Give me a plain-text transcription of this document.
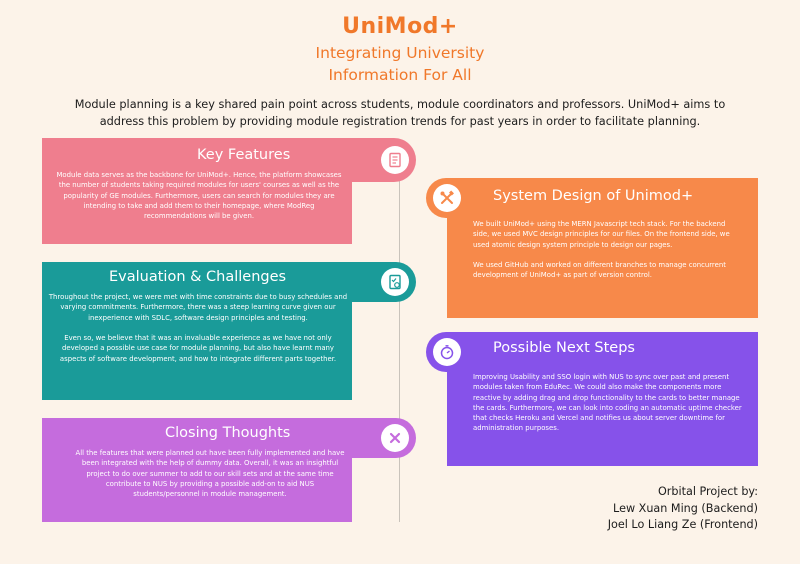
UniMod+
Integrating University
Information For All
Module planning is a key shared pain point across students, module coordinators and professors. UniMod+ aims to
address this problem by providing module registration trends for past years in order to facilitate planning.
Key Features

Module data serves as the backbone for UniMod+. Hence, the platform showcases the number of students taking required modules for users' courses as well as the popularity of GE modules. Furthermore, users can search for modules they are intending to take and add them to their homepage, where ModReg recommendations will be given.

Evaluation & Challenges

Throughout the project, we were met with time constraints due to busy schedules and varying commitments. Furthermore, there was a steep learning curve given our inexperience with SDLC, software design principles and testing.

Even so, we believe that it was an invaluable experience as we have not only developed a possible use case for module planning, but also have learnt many aspects of software development, and how to integrate different parts together.

Closing Thoughts

All the features that were planned out have been fully implemented and have been integrated with the help of dummy data. Overall, it was an insightful project to do over summer to add to our skill sets and at the same time contribute to NUS by providing a possible add-on to aid NUS students/personnel in module management.

System Design of Unimod+

We built UniMod+ using the MERN Javascript tech stack. For the backend side, we used MVC design principles for our files. On the frontend side, we used atomic design system principle to design our pages.

We used GitHub and worked on different branches to manage concurrent development of UniMod+ as part of version control.

Possible Next Steps

Improving Usability and SSO login with NUS to sync over past and present modules taken from EduRec. We could also make the components more reactive by adding drag and drop functionality to the cards to better manage the cards. Furthermore, we can look into coding an automatic uptime checker that checks Heroku and Vercel and notifies us about server downtime for administration purposes.

Orbital Project by:
Lew Xuan Ming (Backend)
Joel Lo Liang Ze (Frontend)
